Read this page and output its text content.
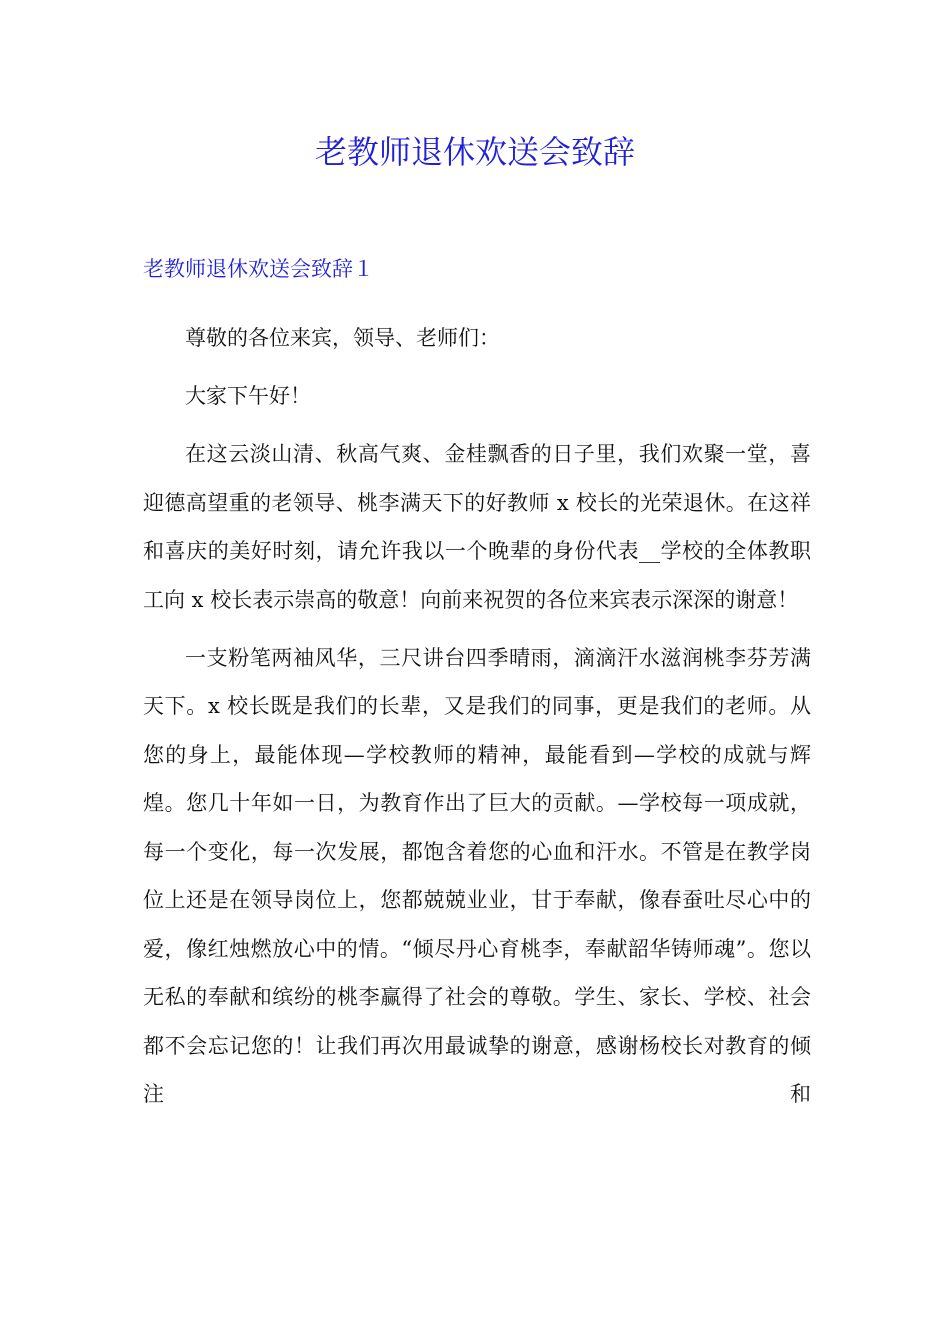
老教师退休欢送会致辞
老教师退休欢送会致辞１

尊敬的各位来宾，领导、老师们：

大家下午好！

在这云淡山清、秋高气爽、金桂飘香的日子里，我们欢聚一堂，喜迎德高望重的老领导、桃李满天下的好教师 x 校长的光荣退休。在这祥和喜庆的美好时刻，请允许我以一个晚辈的身份代表__学校的全体教职工向 x 校长表示崇高的敬意！向前来祝贺的各位来宾表示深深的谢意！

一支粉笔两袖风华，三尺讲台四季晴雨，滴滴汗水滋润桃李芬芳满天下。x 校长既是我们的长辈，又是我们的同事，更是我们的老师。从您的身上，最能体现—学校教师的精神，最能看到—学校的成就与辉煌。您几十年如一日，为教育作出了巨大的贡献。—学校每一项成就，每一个变化，每一次发展，都饱含着您的心血和汗水。不管是在教学岗位上还是在领导岗位上，您都兢兢业业，甘于奉献，像春蚕吐尽心中的爱，像红烛燃放心中的情。“倾尽丹心育桃李，奉献韶华铸师魂”。您以无私的奉献和缤纷的桃李赢得了社会的尊敬。学生、家长、学校、社会都不会忘记您的！让我们再次用最诚挚的谢意，感谢杨校长对教育的倾注和
